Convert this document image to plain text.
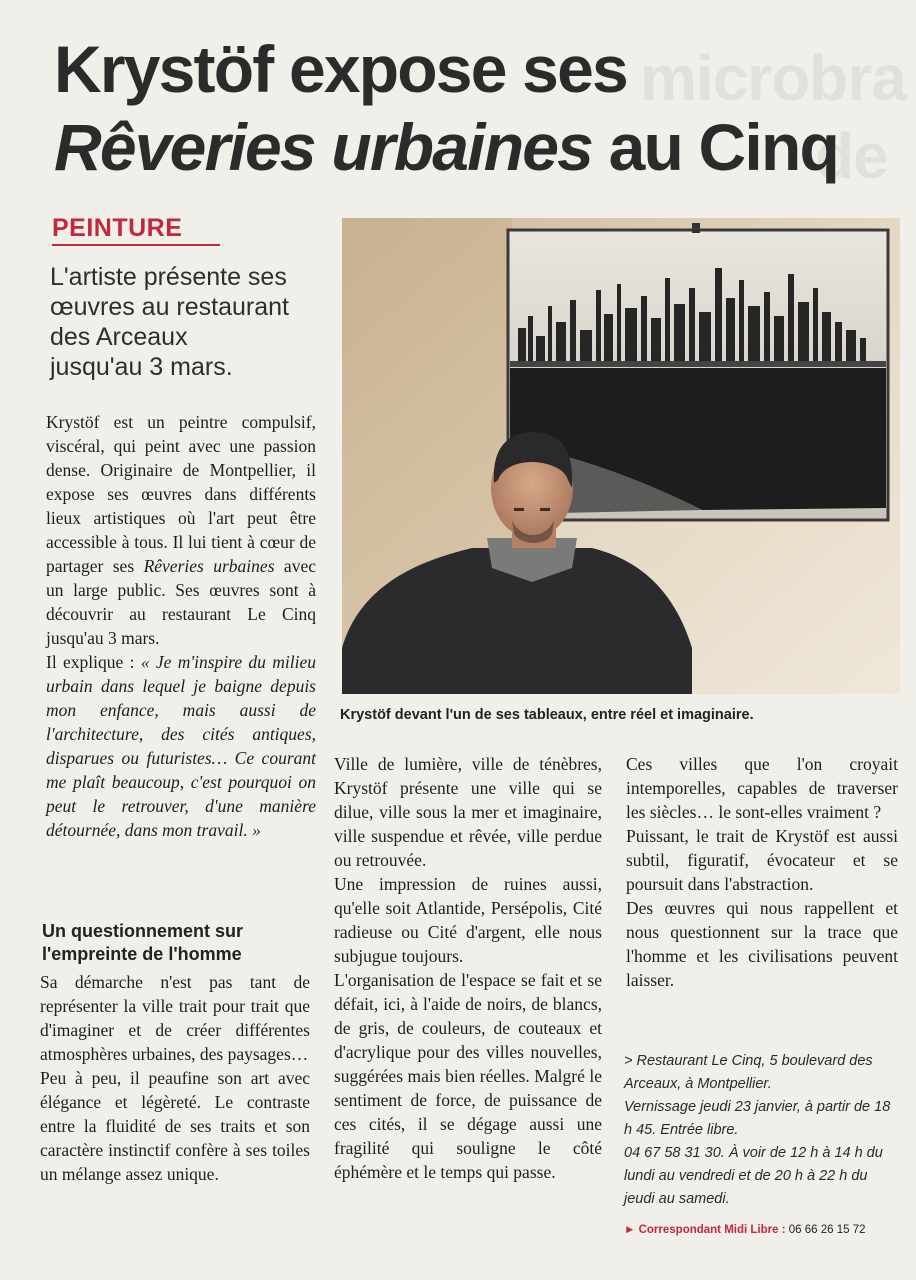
microbra
de
Krystöf expose ses
Rêveries urbaines au Cinq
PEINTURE
L'artiste présente ses
œuvres au restaurant
des Arceaux
jusqu'au 3 mars.

Krystöf est un peintre compulsif, viscéral, qui peint avec une passion dense. Originaire de Montpellier, il expose ses œuvres dans différents lieux artistiques où l'art peut être accessible à tous. Il lui tient à cœur de partager ses Rêveries urbaines avec un large public. Ses œuvres sont à découvrir au restaurant Le Cinq jusqu'au 3 mars.

Il explique : « Je m'inspire du milieu urbain dans lequel je baigne depuis mon enfance, mais aussi de l'architecture, des cités antiques, disparues ou futuristes… Ce courant me plaît beaucoup, c'est pourquoi on peut le retrouver, d'une manière détournée, dans mon travail. »

Un questionnement sur l'empreinte de l'homme

Sa démarche n'est pas tant de représenter la ville trait pour trait que d'imaginer et de créer différentes atmosphères urbaines, des paysages…

Peu à peu, il peaufine son art avec élégance et légèreté. Le contraste entre la fluidité de ses traits et son caractère instinctif confère à ses toiles un mélange assez unique.

Krystöf devant l'un de ses tableaux, entre réel et imaginaire.

Ville de lumière, ville de ténèbres, Krystöf présente une ville qui se dilue, ville sous la mer et imaginaire, ville suspendue et rêvée, ville perdue ou retrouvée.

Une impression de ruines aussi, qu'elle soit Atlantide, Persépolis, Cité radieuse ou Cité d'argent, elle nous subjugue toujours.

L'organisation de l'espace se fait et se défait, ici, à l'aide de noirs, de blancs, de gris, de couleurs, de couteaux et d'acrylique pour des villes nouvelles, suggérées mais bien réelles. Malgré le sentiment de force, de puissance de ces cités, il se dégage aussi une fragilité qui souligne le côté éphémère et le temps qui passe.

Ces villes que l'on croyait intemporelles, capables de traverser les siècles… le sont-elles vraiment ?

Puissant, le trait de Krystöf est aussi subtil, figuratif, évocateur et se poursuit dans l'abstraction.

Des œuvres qui nous rappellent et nous questionnent sur la trace que l'homme et les civilisations peuvent laisser.

> Restaurant Le Cinq, 5 boulevard des Arceaux, à Montpellier.

Vernissage jeudi 23 janvier, à partir de 18 h 45. Entrée libre.

04 67 58 31 30. À voir de 12 h à 14 h du lundi au vendredi et de 20 h à 22 h du jeudi au samedi.

► Correspondant Midi Libre : 06 66 26 15 72
